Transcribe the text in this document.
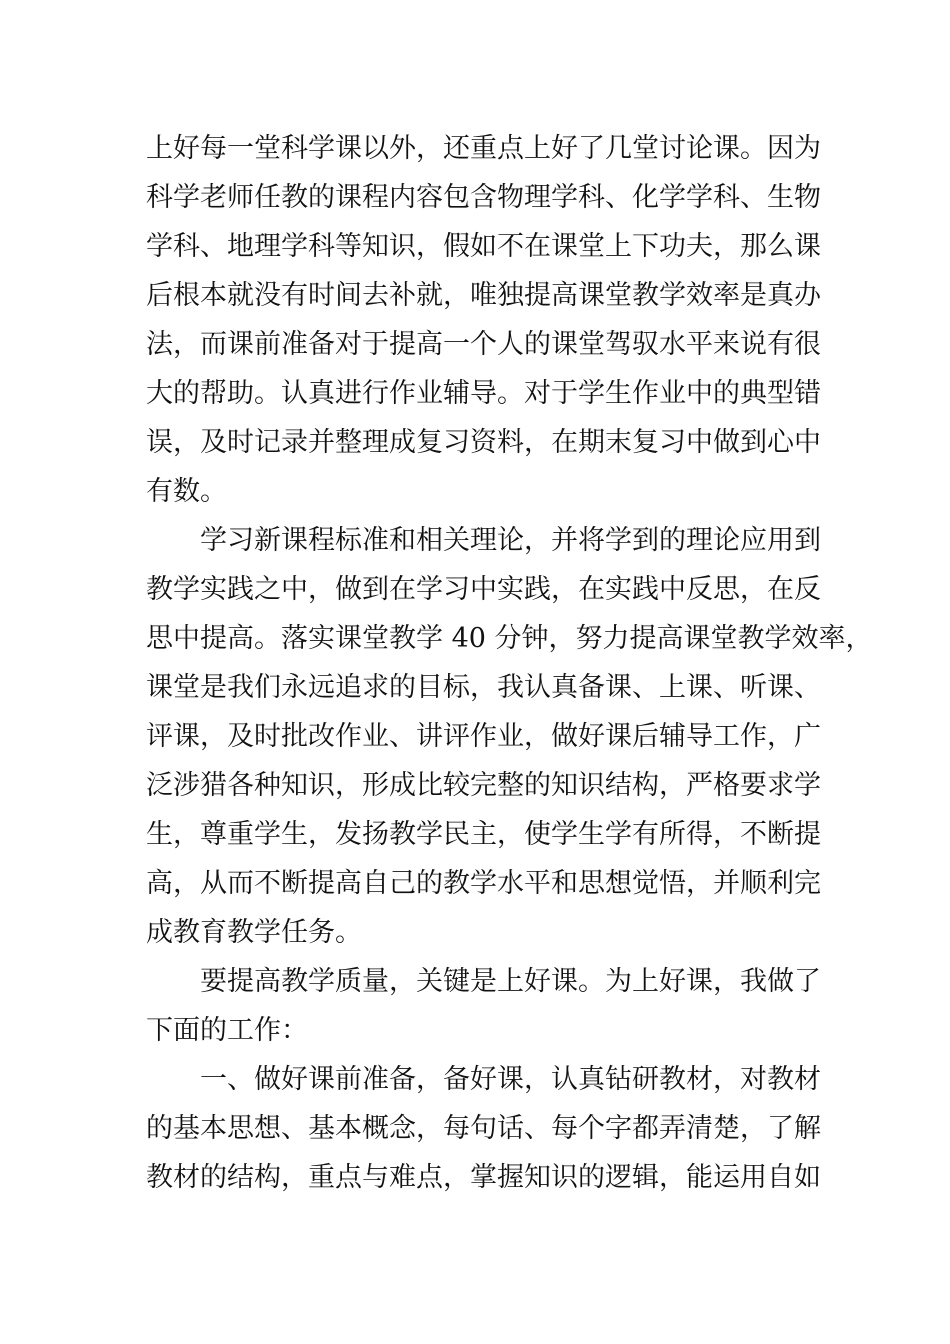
上好每一堂科学课以外，还重点上好了几堂讨论课。因为
科学老师任教的课程内容包含物理学科、化学学科、生物
学科、地理学科等知识，假如不在课堂上下功夫，那么课
后根本就没有时间去补就，唯独提高课堂教学效率是真办
法，而课前准备对于提高一个人的课堂驾驭水平来说有很
大的帮助。认真进行作业辅导。对于学生作业中的典型错
误，及时记录并整理成复习资料，在期末复习中做到心中
有数。
学习新课程标准和相关理论，并将学到的理论应用到
教学实践之中，做到在学习中实践，在实践中反思，在反
思中提高。落实课堂教学 40 分钟，努力提高课堂教学效率，
课堂是我们永远追求的目标，我认真备课、上课、听课、
评课，及时批改作业、讲评作业，做好课后辅导工作，广
泛涉猎各种知识，形成比较完整的知识结构，严格要求学
生，尊重学生，发扬教学民主，使学生学有所得，不断提
高，从而不断提高自己的教学水平和思想觉悟，并顺利完
成教育教学任务。
要提高教学质量，关键是上好课。为上好课，我做了
下面的工作：
一、做好课前准备，备好课，认真钻研教材，对教材
的基本思想、基本概念，每句话、每个字都弄清楚，了解
教材的结构，重点与难点，掌握知识的逻辑，能运用自如
